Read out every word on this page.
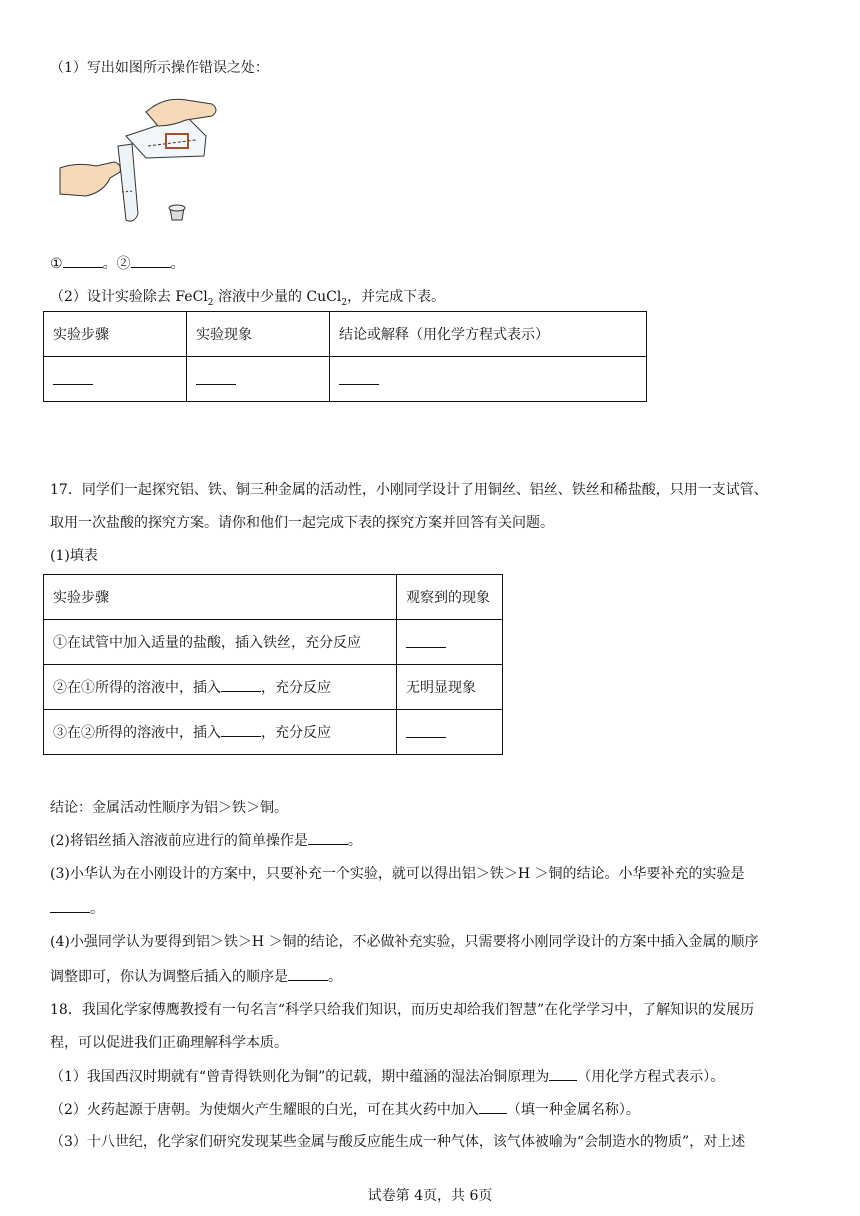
（1）写出如图所示操作错误之处：
①	。②	。
（2）设计实验除去 FeCl$_2$ 溶液中少量的 CuCl$_2$，并完成下表。
实验步骤	实验现象	结论或解释（用化学方程式表示）

17．同学们一起探究铝、铁、铜三种金属的活动性，小刚同学设计了用铜丝、铝丝、铁丝和稀盐酸，只用一支试管、
取用一次盐酸的探究方案。请你和他们一起完成下表的探究方案并回答有关问题。
(1)填表
实验步骤	观察到的现象
①在试管中加入适量的盐酸，插入铁丝，充分反应	
②在①所得的溶液中，插入 ，充分反应	无明显现象
③在②所得的溶液中，插入 ，充分反应	
结论：金属活动性顺序为铝＞铁＞铜。
(2)将铝丝插入溶液前应进行的简单操作是	。
(3)小华认为在小刚设计的方案中，只要补充一个实验，就可以得出铝＞铁＞H ＞铜的结论。小华要补充的实验是
。
(4)小强同学认为要得到铝＞铁＞H ＞铜的结论，不必做补充实验，只需要将小刚同学设计的方案中插入金属的顺序
调整即可，你认为调整后插入的顺序是	。
18．我国化学家傅鹰教授有一句名言“科学只给我们知识，而历史却给我们智慧”在化学学习中，了解知识的发展历
程，可以促进我们正确理解科学本质。
（1）我国西汉时期就有“曾青得铁则化为铜”的记载，期中蕴涵的湿法冶铜原理为 （用化学方程式表示）。
（2）火药起源于唐朝。为使烟火产生耀眼的白光，可在其火药中加入 （填一种金属名称）。
（3）十八世纪，化学家们研究发现某些金属与酸反应能生成一种气体，该气体被喻为“会制造水的物质”，对上述
试卷第 4页，共 6页
